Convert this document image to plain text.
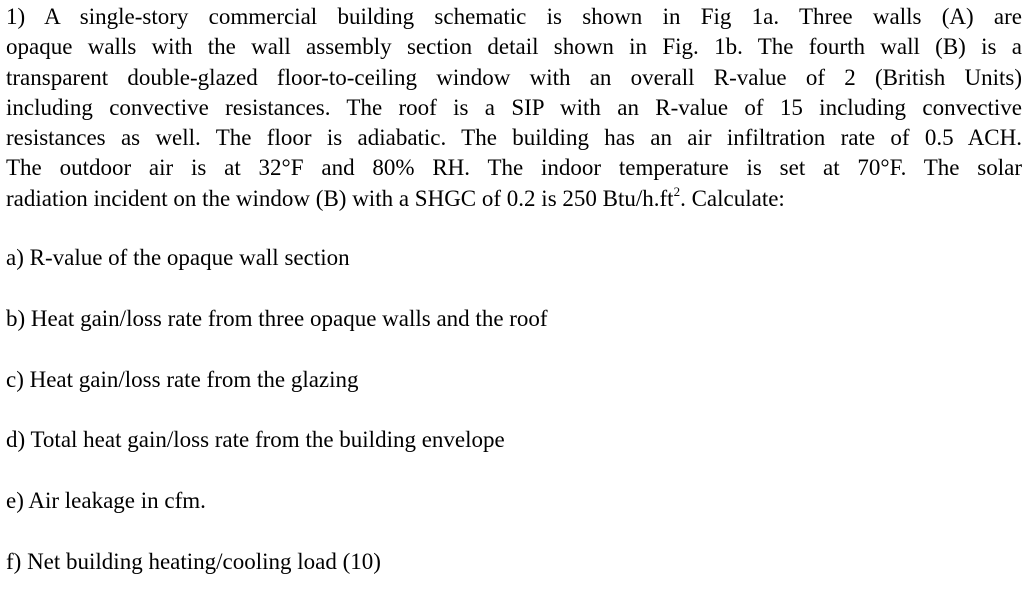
1) A single-story commercial building schematic is shown in Fig 1a. Three walls (A) are
opaque walls with the wall assembly section detail shown in Fig. 1b. The fourth wall (B) is a
transparent double-glazed floor-to-ceiling window with an overall R-value of 2 (British Units)
including convective resistances. The roof is a SIP with an R-value of 15 including convective
resistances as well. The floor is adiabatic. The building has an air infiltration rate of 0.5 ACH.
The outdoor air is at 32°F and 80% RH. The indoor temperature is set at 70°F. The solar
radiation incident on the window (B) with a SHGC of 0.2 is 250 Btu/$h.ft^2$. Calculate:

a) R-value of the opaque wall section
b) Heat gain/loss rate from three opaque walls and the roof
c) Heat gain/loss rate from the glazing
d) Total heat gain/loss rate from the building envelope
e) Air leakage in cfm.
f) Net building heating/cooling load (10)
